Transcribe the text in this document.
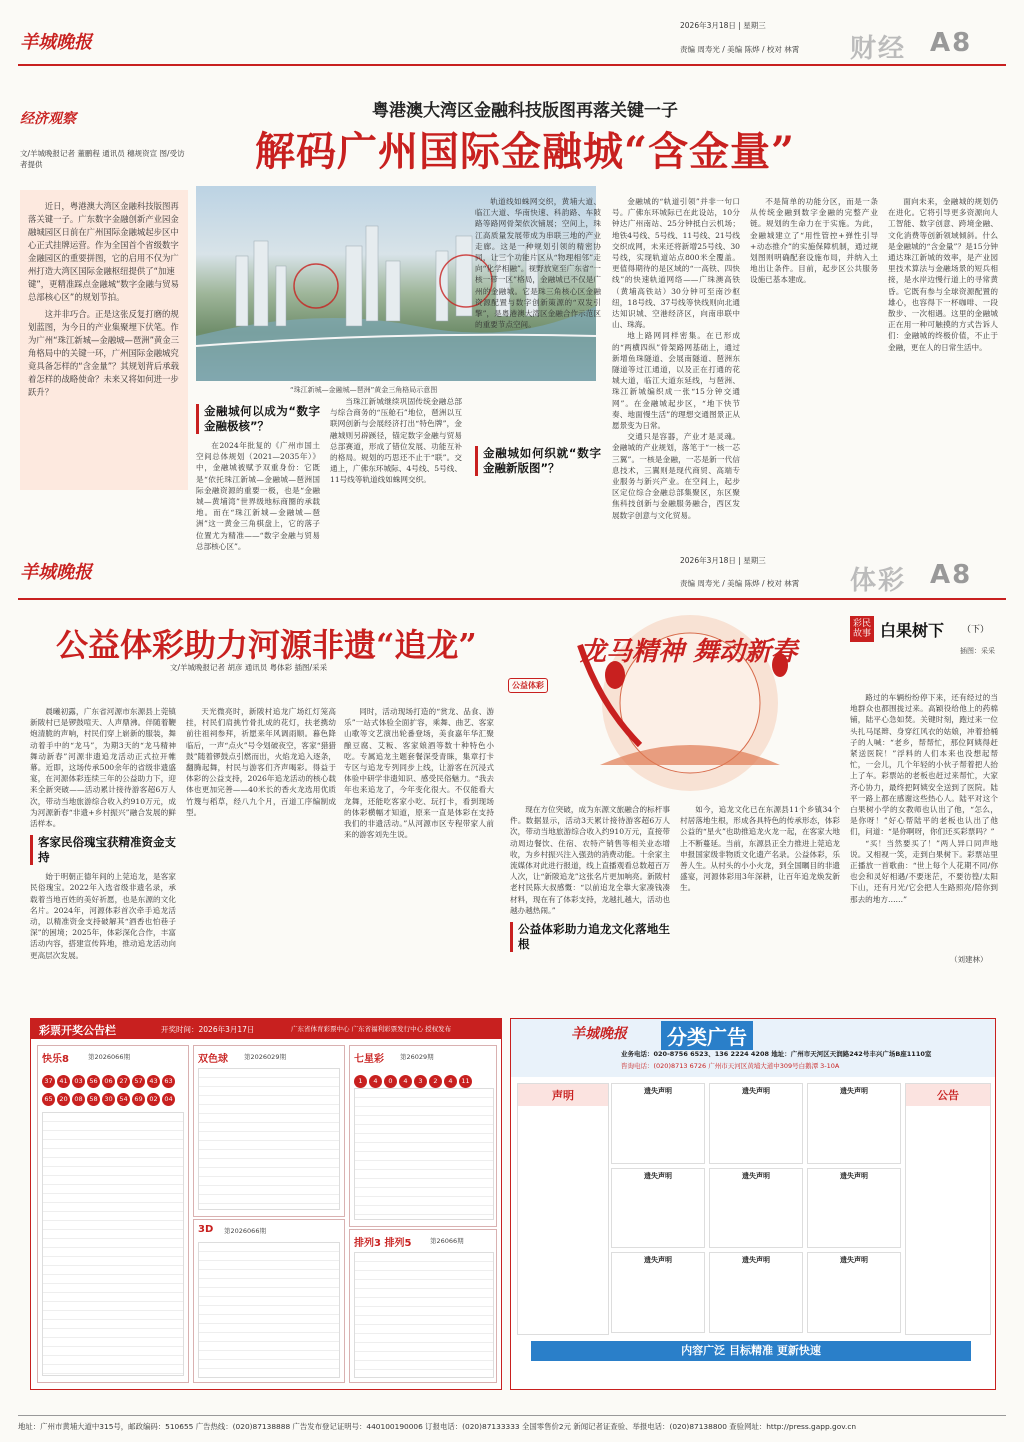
羊城晚报
2026年3月18日 | 星期三
责编 周寿光 / 美编 陈烨 / 校对 林霄 财经 A8
经济观察
文/羊城晚报记者 董鹏程 通讯员 穗规资宣 图/受访者提供
粤港澳大湾区金融科技版图再落关键一子
解码广州国际金融城“含金量”
近日，粤港澳大湾区金融科技版图再落关键一子。广东数字金融创新产业园金融城园区日前在广州国际金融城起步区中心正式挂牌运营。作为全国首个省级数字金融园区的重要拼图，它的启用不仅为广州打造大湾区国际金融枢纽提供了“加速键”，更精准踩点金融城“数字金融与贸易总部核心区”的规划节拍。
这并非巧合。正是这张反复打磨的规划蓝图，为今日的产业集聚埋下伏笔。作为广州“珠江新城—金融城—琶洲”黄金三角格局中的关键一环，广州国际金融城究竟具备怎样的“含金量”？其规划背后承载着怎样的战略使命？未来又将如何进一步跃升？	“珠江新城—金融城—琶洲”黄金三角格局示意图
金融城何以成为“数字金融极核”？

在2024年批复的《广州市国土空间总体规划（2021—2035年）》中，金融城被赋予双重身份：它既是“依托珠江新城—金融城—琶洲国际金融资源的重要一极，也是“金融城—黄埔湾”世界级地标商圈的承载地。而在“珠江新城—金融城—琶洲”这一黄金三角棋盘上，它的落子位置尤为精准——“数字金融与贸易总部核心区”。

当珠江新城继续巩固传统金融总部与综合商务的“压舱石”地位，琶洲以互联网创新与会展经济打出“特色牌”，金融城则另辟蹊径，锚定数字金融与贸易总部赛道，形成了错位发展、功能互补的格局。规划的巧思还不止于“联”。交通上，广佛东环城际、4号线、5号线、11号线等轨道线如蛛网交织。

轨道线如蛛网交织，黄埔大道、临江大道、华南快速、科韵路、车陂路等路网骨架依次铺展；空间上，珠江高质量发展带成为串联三地的产业走廊。这是一种规划引领的精密协同，让三个功能片区从“物理相邻”走向“化学相融”。视野放宽至广东省“一核一带一区”格局，金融城已不仅是广州的金融城。它是珠三角核心区金融资源配置与数字创新策源的“双发引擎”，是粤港澳大湾区金融合作示范区的重要节点空间。

金融城如何织就“数字金融新版图”？

金融城的“轨道引领”并非一句口号。广佛东环城际已在此设站，10分钟达广州南站、25分钟抵白云机场；地铁4号线、5号线、11号线、21号线交织成网，未来还将新增25号线、30号线，实现轨道站点800米全覆盖。更值得期待的是区域的“一高铁、四快线”的快速轨道网络——广珠澳高铁（黄埔高铁站）30分钟可至南沙枢纽，18号线、37号线等快线则向北通达知识城、空港经济区，向南串联中山、珠海。

地上路网同样密集。在已形成的“两横四纵”骨架路网基础上，通过新增鱼珠隧道、会展南隧道、琶洲东隧道等过江通道，以及正在打通的花城大道，临江大道东延线，与琶洲、珠江新城编织成一张“15分钟交通网”。在金融城起步区，“地下快节奏、地面慢生活”的理想交通图景正从愿景变为日常。

交通只是容器，产业才是灵魂。金融城的产业规划，落笔于“一核一芯三翼”。一核是金融，一芯是新一代信息技术，三翼则是现代商贸、高端专业服务与新兴产业。在空间上，起步区定位综合金融总部集聚区，东区聚焦科技创新与金融服务融合，西区发展数字创意与文化贸易。

不是简单的功能分区，而是一条从传统金融到数字金融的完整产业链。规划的生命力在于实施。为此，金融城建立了“用性管控+弹性引导+动态推介”的实施保障机制，通过规划图则明确配套设施布局，并纳入土地出让条件。目前，起步区公共服务设施已基本建成。

面向未来，金融城的规划仍在进化。它将引导更多资源向人工智能、数字创意、跨境金融、文化消费等创新领域倾斜。什么是金融城的“含金量”？是15分钟通达珠江新城的效率，是产业园里技术算法与金融场景的短兵相接，是水岸边慢行道上的寻常黄昏。它既有参与全球资源配置的雄心，也容得下一杯咖啡、一段散步、一次相遇。这里的金融城正在用一种可触摸的方式告诉人们：金融城的终极价值，不止于金融，更在人的日常生活中。

羊城晚报
2026年3月18日 | 星期三
责编 周寿光 / 美编 陈烨 / 校对 林霄 体彩 A8
公益体彩助力河源非遗“追龙”
文/羊城晚报记者 胡彦 通讯员 粤体彩 插图/采采
龙马精神 舞动新春
公益体彩

晨曦初露，广东省河源市东源县上莞镇新陂村已是锣鼓喧天、人声鼎沸。伴随着鞭炮清脆的声响，村民们穿上崭新的服装，舞动着手中的“龙马”，为期3天的“龙马精神 舞动新春”河源非遗追龙活动正式拉开帷幕。近即，这场传承500余年的省级非遗盛宴，在河源体彩连续三年的公益助力下，迎来全新突破——活动累计接待游客超6万人次，带动当地旅游综合收入约910万元，成为河源新春“非遗+乡村振兴”融合发展的鲜活样本。

客家民俗瑰宝获精准资金支持

始于明朝正德年间的上莞追龙，是客家民俗瑰宝。2022年入选省级非遗名录，承载着当地百姓的美好祈愿，也是东源的文化名片。2024年，河源体彩首次牵手追龙活动，以精准资金支持破解其“酒香也怕巷子深”的困境；2025年，体彩深化合作，丰富活动内容，搭建宣传阵地，推动追龙活动向更高层次发展。

天光微亮时，新陂村追龙广场红灯笼高挂，村民们肩挑竹骨扎成的花灯，扶老携幼前往祖祠参拜，祈愿来年风调雨顺。暮色降临后，一声“点火”号令划破夜空，客家“猎猎鼓”随着锣鼓点引燃而出，火焰龙追入逐条，翻腾起舞，村民与游客们齐声喝彩。得益于体彩的公益支持，2026年追龙活动的核心载体也更加完善——40米长的香火龙选用优质竹篾与稻草，经八九个月，百道工序编制成型。

同时，活动现场打造的“赏龙、品食、游乐”一站式体验全面扩容，乘舞、曲艺、客家山歌等文艺演出轮番登场，美食嘉年华汇聚酿豆腐、艾粄、客家娘酒等数十种特色小吃。专属追龙主题套餐深受青睐，集章打卡专区与追龙专列同步上线，让游客在沉浸式体验中研学非遗知识、感受民俗魅力。“我去年也来追龙了，今年变化很大。不仅能看大龙舞，还能吃客家小吃、玩打卡，看到现场的体彩横幅才知道，原来一直是体彩在支持我们的非遗活动。”从河源市区专程带家人前来的游客刘先生说。

现在方位突破，成为东源文旅融合的标杆事件。数据显示，活动3天累计接待游客超6万人次，带动当地旅游综合收入约910万元，直接带动周边餐饮、住宿、农特产销售等相关业态增收，为乡村振兴注入强劲的消费动能。十余家主流媒体对此进行报道，线上直播观看总数超百万人次，让“新陂追龙”这张名片更加响亮。新陂村老村民陈大叔感慨：“以前追龙全靠大家凑钱凑材料，现在有了体彩支持，龙越扎越大，活动也越办越热闹。”

公益体彩助力追龙文化落地生根

如今，追龙文化已在东源县11个乡镇34个村居落地生根，形成各具特色的传承形态，体彩公益的“星火”也助推追龙火龙一起，在客家大地上不断蔓延。当前，东源县正全力推进上莞追龙申报国家级非物质文化遗产名录。公益体彩，乐善人生。从村头的小小火龙，到全国瞩目的非遗盛宴，河源体彩用3年深耕，让百年追龙焕发新生。

彩民故事 白果树下 （下）
插图：采采

路过的车辆纷纷停下来，还有经过的当地群众也都围拢过来。高颖役给他上的药棉铺，陆平心急如焚。关键时刻，跑过来一位头扎马尾辫、身穿红风衣的姑娘，冲着拾桶子的人喊：“老乡，帮帮忙，那位阿姨得赶紧送医院！”浮料的人们本来也没想起帮忙，一会儿，几个年轻的小伙子帮着把人抬上了车。彩票站的老板也赶过来帮忙，大家齐心协力，最终把阿姨安全送到了医院。陆平一路上都在感谢这些热心人。陆平对这个白果树小学的女教师也认出了他，“怎么，是你呀！”好心帮陆平的老板也认出了他们，问道：“是你啊呀，你们还买彩票吗？”

“买！当然要买了！”两人异口同声地说。又相视一笑，走到白果树下。彩票站里正播放一首歌曲：“世上每个人花期不同/你也会和灵好相遇/不要迷茫，不要彷徨/太阳下山，还有月光/它会把人生路照亮/陪你到那去的地方……”

（刘建林）
彩票开奖公告栏	开奖时间：2026年3月17日	广东省体育彩票中心 广东省福利彩票发行中心 授权发布
快乐8	第2026066期
37 41 03 56 06 27 57 43 6365 20 08 58 30 54 69 02 04
双色球 第2026029期
3D 第2026066期
七星彩 第26029期
1 4 0 4 3 2 4 11
排列3 排列5	第26066期
羊城晚报	分类广告
业务电话：020-8756 6523、136 2224 4208 地址：广州市天河区天润路242号丰兴广场B座1110室
咨询电话：(020)8713 6726 广州市天河区黄埔大道中309号白鹅潭 3-10A
声明	遗失声明	遗失声明	遗失声明
遗失声明	遗失声明	遗失声明
遗失声明	遗失声明	遗失声明
公告
内容广泛 目标精准 更新快速
地址：广州市黄埔大道中315号，邮政编码：510655 广告热线：(020)87138888 广告发布登记证明号：440100190006 订报电话：(020)87133333 全国零售价2元 新闻记者证查验、举报电话：(020)87138800 查验网址：http://press.gapp.gov.cn
